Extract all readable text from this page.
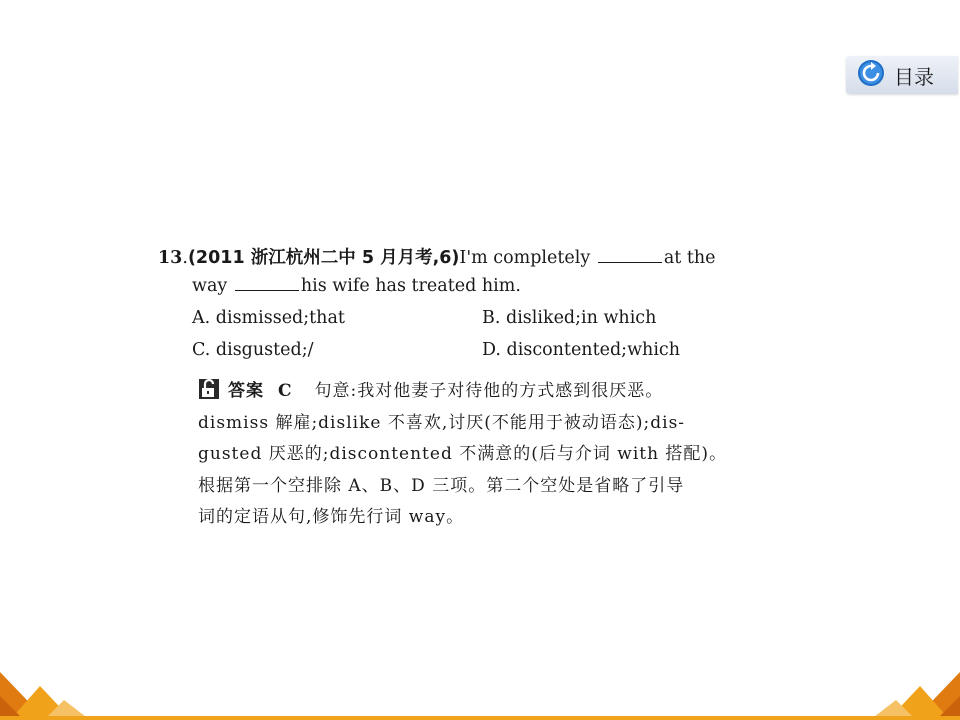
目录
13.(2011 浙江杭州二中 5 月月考,6)I'm completely	at the
way	his wife has treated him.
A. dismissed;that	B. disliked;in which
C. disgusted;/	D. discontented;which
答案 C 句意:我对他妻子对待他的方式感到很厌恶。
dismiss 解雇;dislike 不喜欢,讨厌(不能用于被动语态);dis-
gusted 厌恶的;discontented 不满意的(后与介词 with 搭配)。
根据第一个空排除 A、B、D 三项。第二个空处是省略了引导
词的定语从句,修饰先行词 way。
